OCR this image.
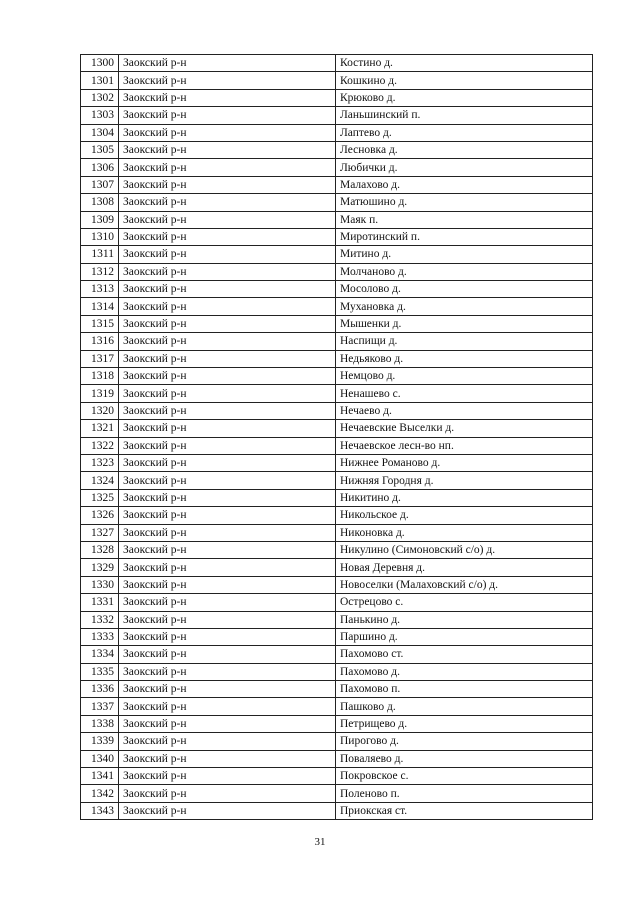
1300	Заокский р-н	Костино д.
1301	Заокский р-н	Кошкино д.
1302	Заокский р-н	Крюково д.
1303	Заокский р-н	Ланьшинский п.
1304	Заокский р-н	Лаптево д.
1305	Заокский р-н	Лесновка д.
1306	Заокский р-н	Любички д.
1307	Заокский р-н	Малахово д.
1308	Заокский р-н	Матюшино д.
1309	Заокский р-н	Маяк п.
1310	Заокский р-н	Миротинский п.
1311	Заокский р-н	Митино д.
1312	Заокский р-н	Молчаново д.
1313	Заокский р-н	Мосолово д.
1314	Заокский р-н	Мухановка д.
1315	Заокский р-н	Мышенки д.
1316	Заокский р-н	Наспищи д.
1317	Заокский р-н	Недьяково д.
1318	Заокский р-н	Немцово д.
1319	Заокский р-н	Ненашево с.
1320	Заокский р-н	Нечаево д.
1321	Заокский р-н	Нечаевские Выселки д.
1322	Заокский р-н	Нечаевское лесн-во нп.
1323	Заокский р-н	Нижнее Романово д.
1324	Заокский р-н	Нижняя Городня д.
1325	Заокский р-н	Никитино д.
1326	Заокский р-н	Никольское д.
1327	Заокский р-н	Никоновка д.
1328	Заокский р-н	Никулино (Симоновский с/о) д.
1329	Заокский р-н	Новая Деревня д.
1330	Заокский р-н	Новоселки (Малаховский с/о) д.
1331	Заокский р-н	Острецово с.
1332	Заокский р-н	Панькино д.
1333	Заокский р-н	Паршино д.
1334	Заокский р-н	Пахомово ст.
1335	Заокский р-н	Пахомово д.
1336	Заокский р-н	Пахомово п.
1337	Заокский р-н	Пашково д.
1338	Заокский р-н	Петрищево д.
1339	Заокский р-н	Пирогово д.
1340	Заокский р-н	Поваляево д.
1341	Заокский р-н	Покровское с.
1342	Заокский р-н	Поленово п.
1343	Заокский р-н	Приокская ст.
31
